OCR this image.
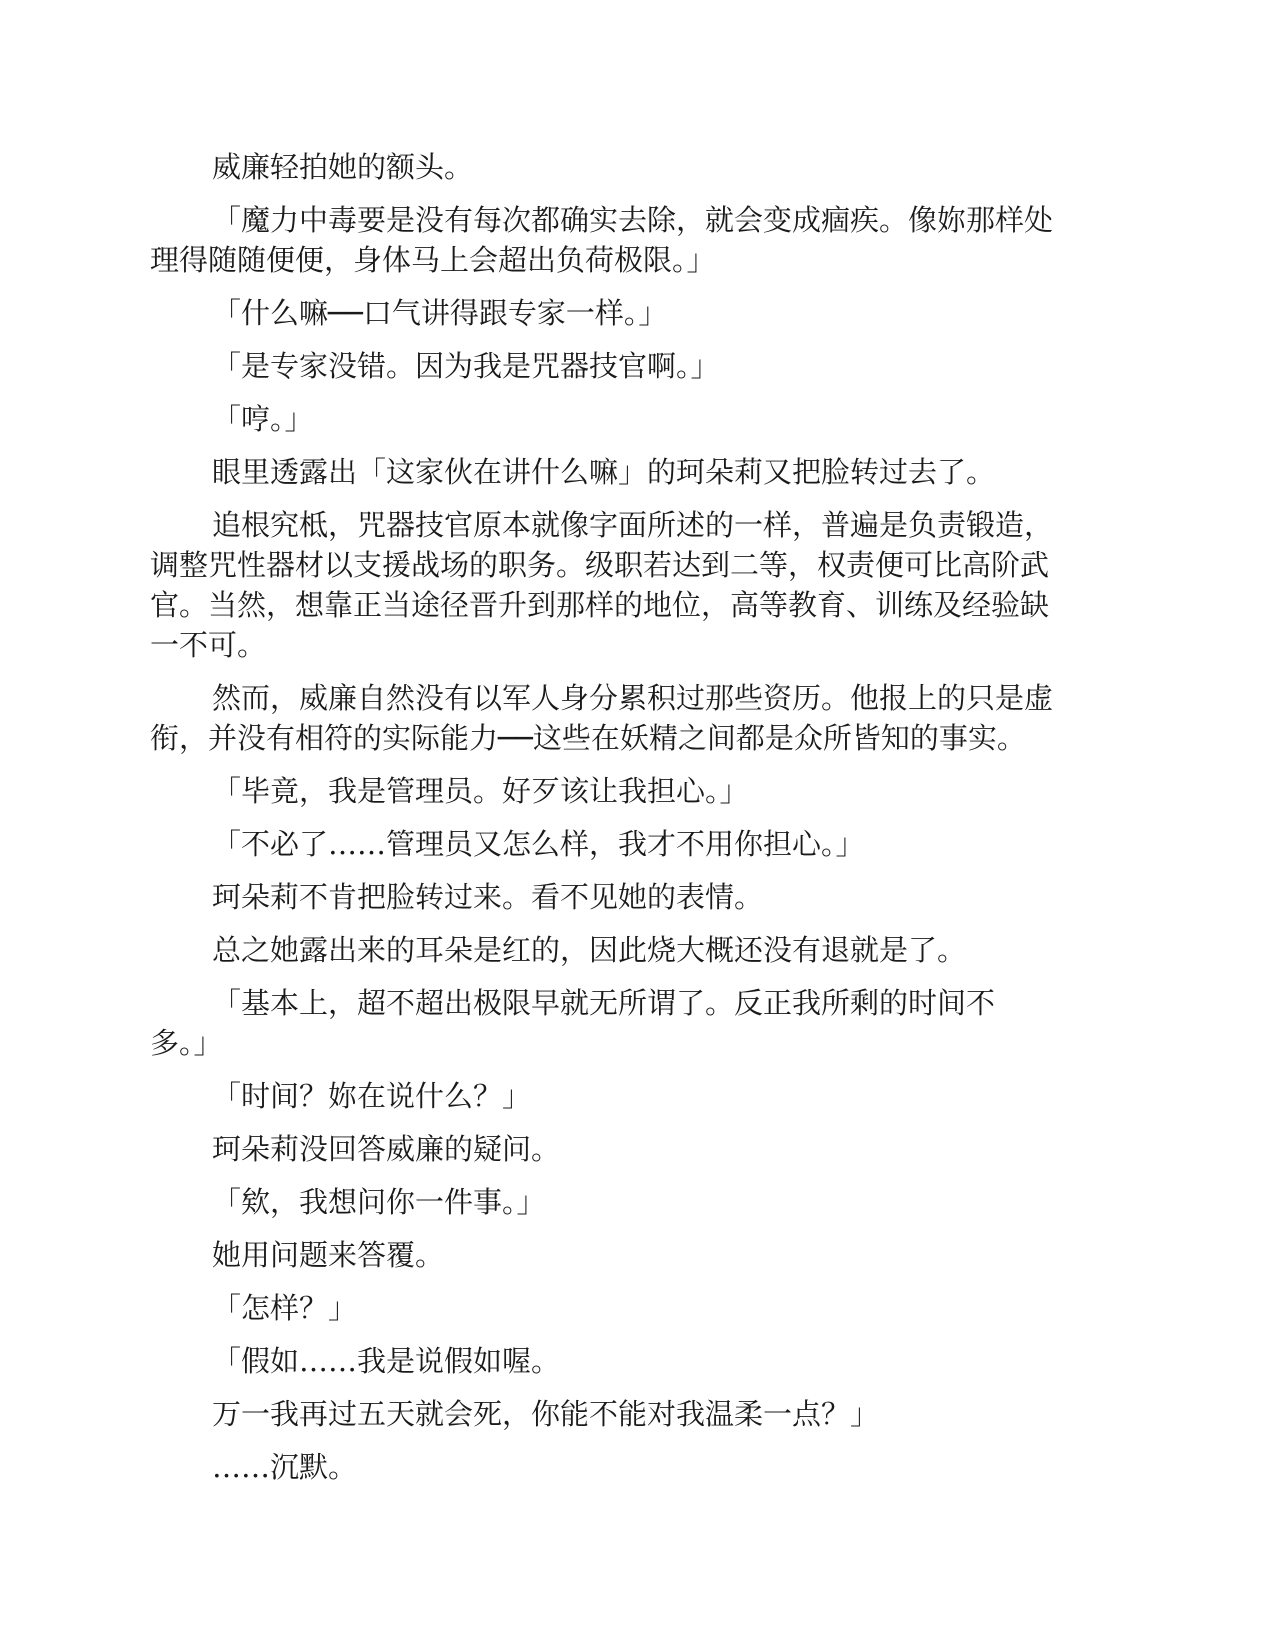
威廉轻拍她的额头。
「魔力中毒要是没有每次都确实去除，就会变成痼疾。像妳那样处
理得随随便便，身体马上会超出负荷极限。」
「什么嘛──口气讲得跟专家一样。」
「是专家没错。因为我是咒器技官啊。」
「哼。」
眼里透露出「这家伙在讲什么嘛」的珂朵莉又把脸转过去了。
追根究柢，咒器技官原本就像字面所述的一样，普遍是负责锻造，
调整咒性器材以支援战场的职务。级职若达到二等，权责便可比高阶武
官。当然，想靠正当途径晋升到那样的地位，高等教育、训练及经验缺
一不可。
然而，威廉自然没有以军人身分累积过那些资历。他报上的只是虚
衔，并没有相符的实际能力──这些在妖精之间都是众所皆知的事实。
「毕竟，我是管理员。好歹该让我担心。」
「不必了……管理员又怎么样，我才不用你担心。」
珂朵莉不肯把脸转过来。看不见她的表情。
总之她露出来的耳朵是红的，因此烧大概还没有退就是了。
「基本上，超不超出极限早就无所谓了。反正我所剩的时间不
多。」
「时间？妳在说什么？」
珂朵莉没回答威廉的疑问。
「欸，我想问你一件事。」
她用问题来答覆。
「怎样？」
「假如……我是说假如喔。
万一我再过五天就会死，你能不能对我温柔一点？」
……沉默。
